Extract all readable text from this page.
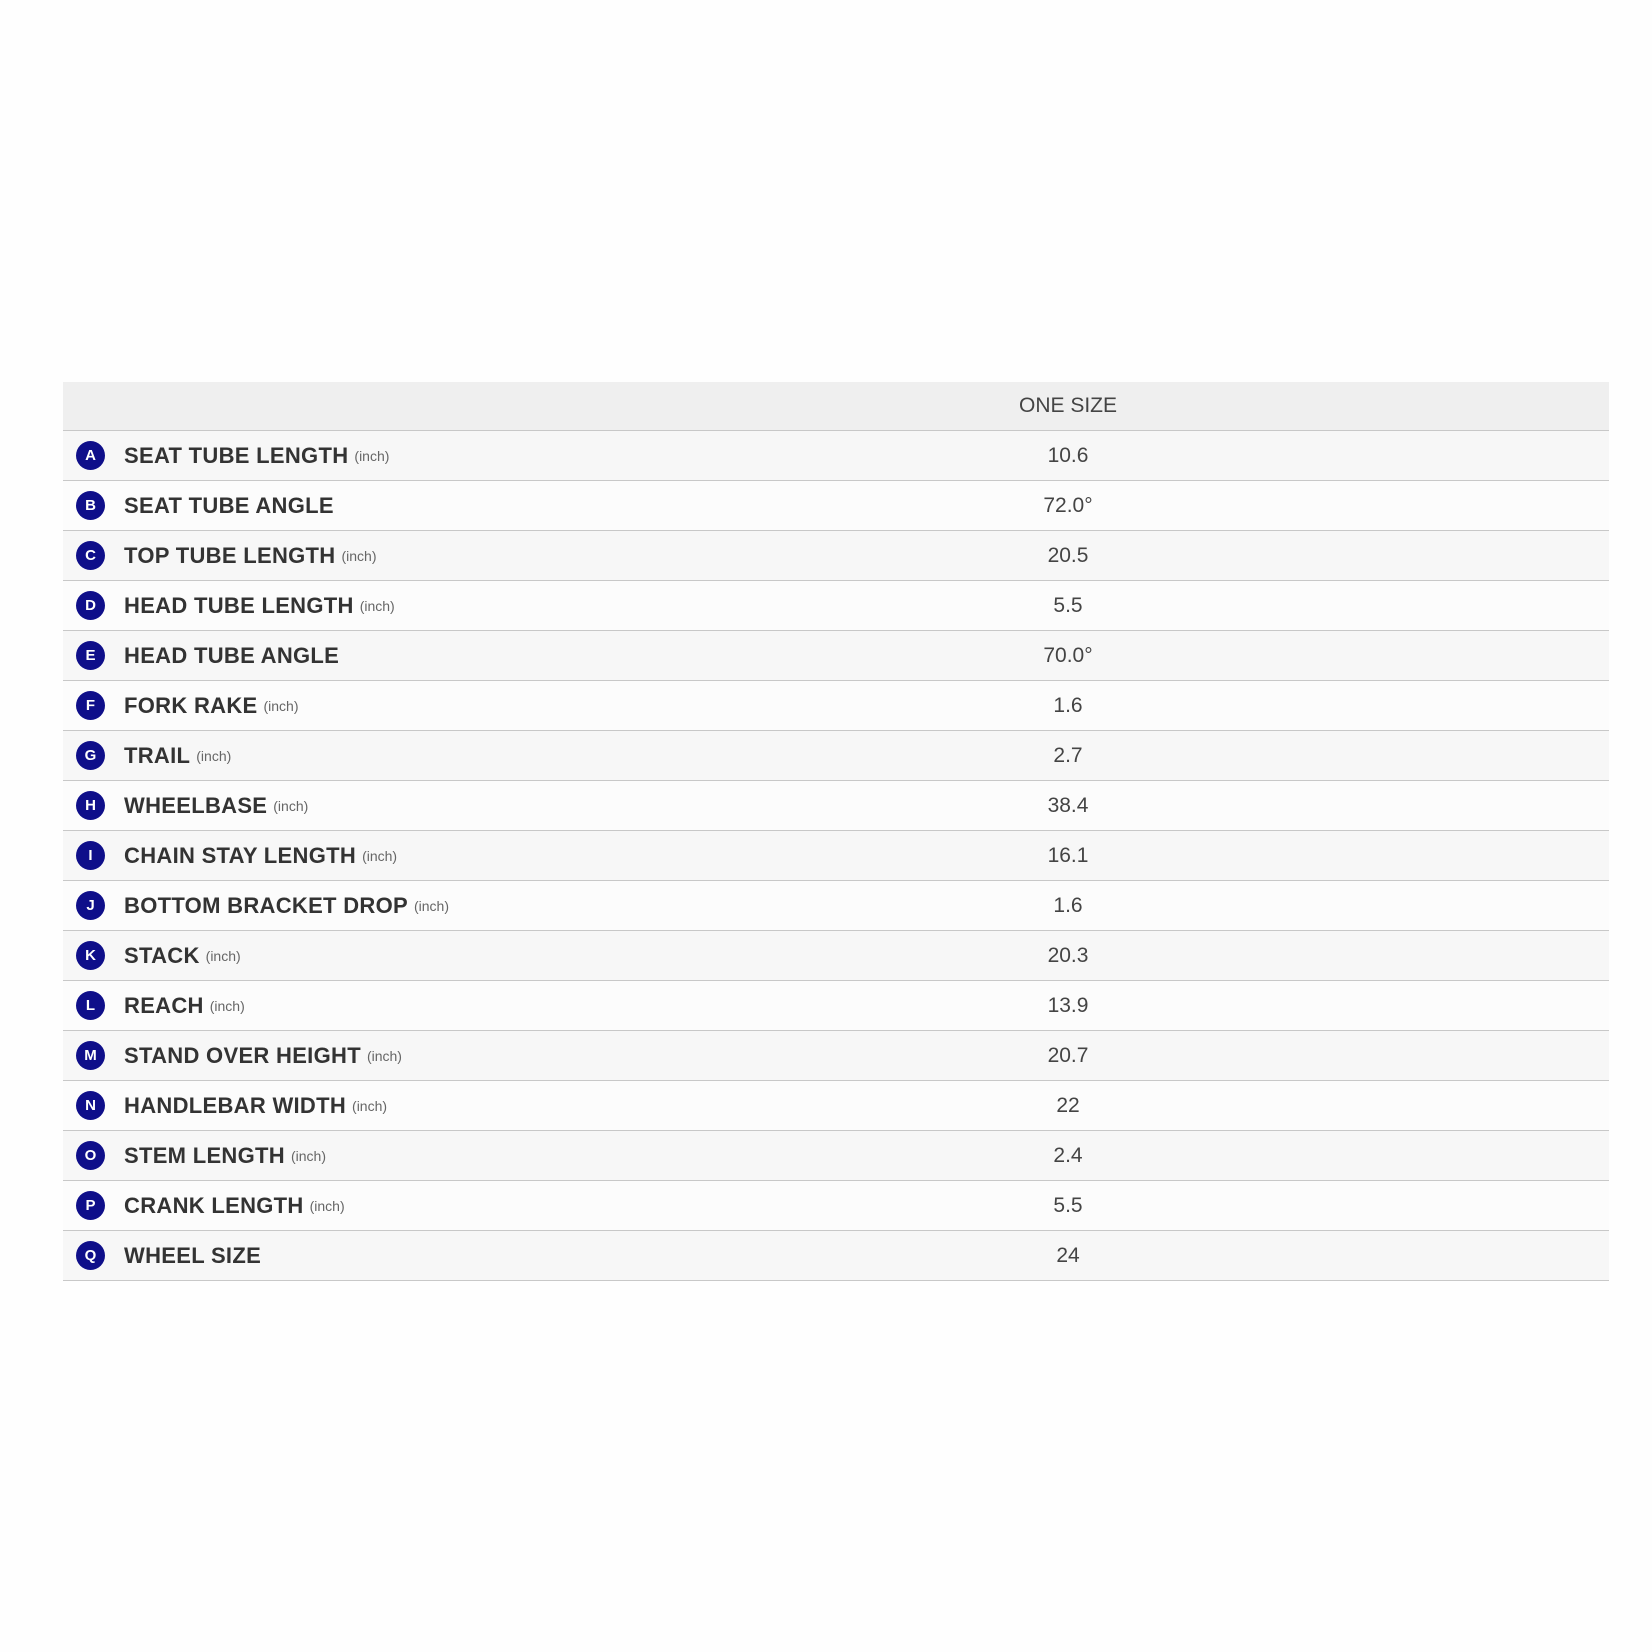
	ONE SIZE	

A SEAT TUBE LENGTH (inch)	10.6	

B SEAT TUBE ANGLE	72.0°	

C TOP TUBE LENGTH (inch)	20.5	

D HEAD TUBE LENGTH (inch)	5.5	

E HEAD TUBE ANGLE	70.0°	

F FORK RAKE (inch)	1.6	

G TRAIL (inch)	2.7	

H WHEELBASE (inch)	38.4	

I CHAIN STAY LENGTH (inch)	16.1	

J BOTTOM BRACKET DROP (inch)	1.6	

K STACK (inch)	20.3	

L REACH (inch)	13.9	

M STAND OVER HEIGHT (inch)	20.7	

N HANDLEBAR WIDTH (inch)	22	

O STEM LENGTH (inch)	2.4	

P CRANK LENGTH (inch)	5.5	

Q WHEEL SIZE	24	
